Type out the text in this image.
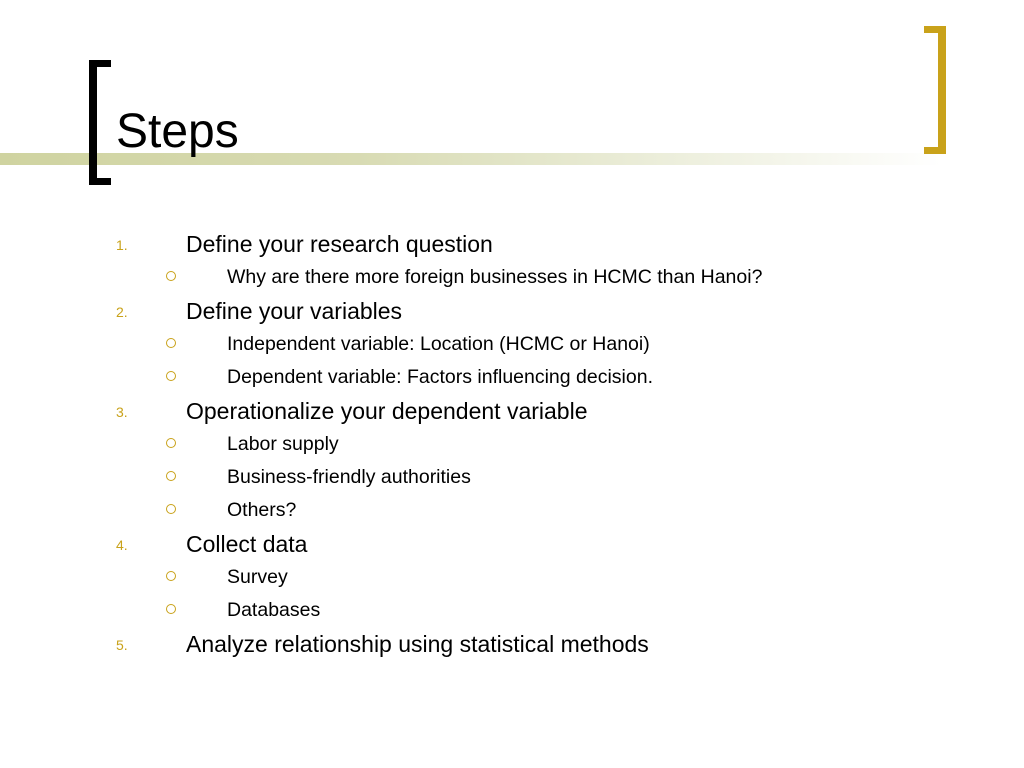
Steps
1.	Define your research question
Why are there more foreign businesses in HCMC than Hanoi?
2.	Define your variables
Independent variable: Location (HCMC or Hanoi)
Dependent variable: Factors influencing decision.
3.	Operationalize your dependent variable
Labor supply
Business-friendly authorities
Others?
4.	Collect data
Survey
Databases
5.	Analyze relationship using statistical methods
